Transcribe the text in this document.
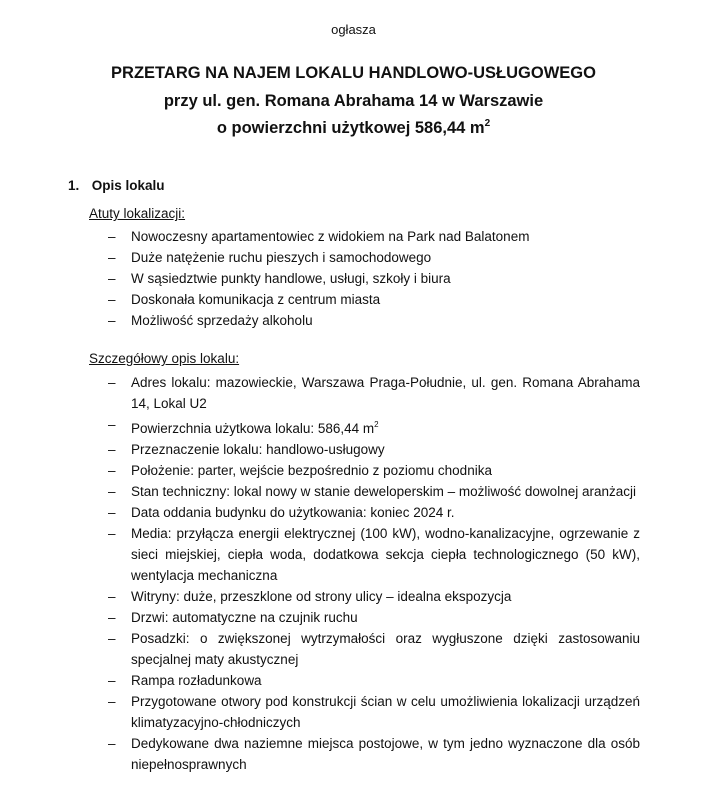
ogłasza
PRZETARG NA NAJEM LOKALU HANDLOWO-USŁUGOWEGO
przy ul. gen. Romana Abrahama 14 w Warszawie
o powierzchni użytkowej 586,44 $m^2$
1. Opis lokalu
Atuty lokalizacji:
– Nowoczesny apartamentowiec z widokiem na Park nad Balatonem
– Duże natężenie ruchu pieszych i samochodowego
– W sąsiedztwie punkty handlowe, usługi, szkoły i biura
– Doskonała komunikacja z centrum miasta
– Możliwość sprzedaży alkoholu
Szczegółowy opis lokalu:
– Adres lokalu: mazowieckie, Warszawa Praga-Południe, ul. gen. Romana Abrahama 14, Lokal U2
– Powierzchnia użytkowa lokalu: 586,44 $m^2$
– Przeznaczenie lokalu: handlowo-usługowy
– Położenie: parter, wejście bezpośrednio z poziomu chodnika
– Stan techniczny: lokal nowy w stanie deweloperskim – możliwość dowolnej aranżacji
– Data oddania budynku do użytkowania: koniec 2024 r.
– Media: przyłącza energii elektrycznej (100 kW), wodno-kanalizacyjne, ogrzewanie z sieci miejskiej, ciepła woda, dodatkowa sekcja ciepła technologicznego (50 kW), wentylacja mechaniczna
– Witryny: duże, przeszklone od strony ulicy – idealna ekspozycja
– Drzwi: automatyczne na czujnik ruchu
– Posadzki: o zwiększonej wytrzymałości oraz wygłuszone dzięki zastosowaniu specjalnej maty akustycznej
– Rampa rozładunkowa
– Przygotowane otwory pod konstrukcji ścian w celu umożliwienia lokalizacji urządzeń klimatyzacyjno-chłodniczych
– Dedykowane dwa naziemne miejsca postojowe, w tym jedno wyznaczone dla osób niepełnosprawnych
